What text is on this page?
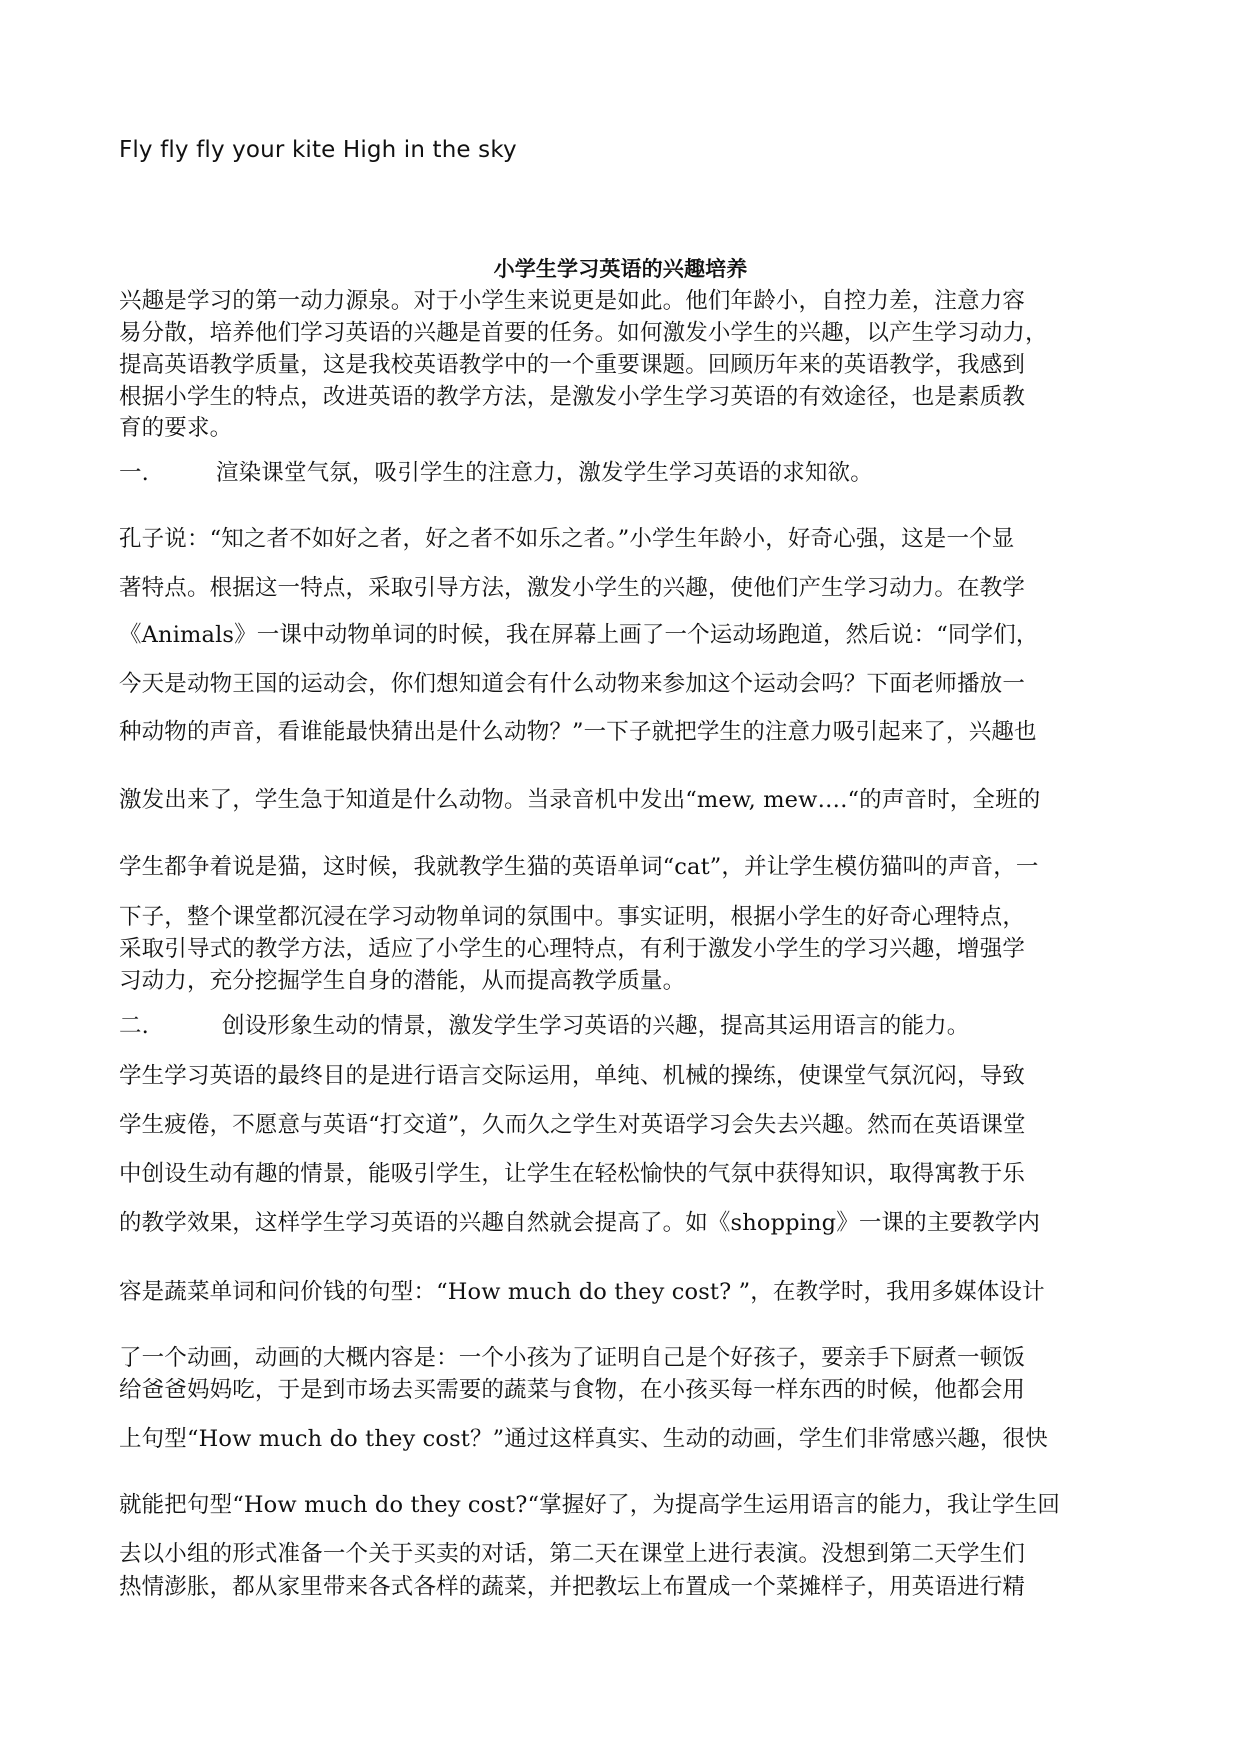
Fly fly fly your kite High in the sky
小学生学习英语的兴趣培养
兴趣是学习的第一动力源泉。对于小学生来说更是如此。他们年龄小，自控力差，注意力容
易分散，培养他们学习英语的兴趣是首要的任务。如何激发小学生的兴趣，以产生学习动力，
提高英语教学质量，这是我校英语教学中的一个重要课题。回顾历年来的英语教学，我感到
根据小学生的特点，改进英语的教学方法，是激发小学生学习英语的有效途径，也是素质教
育的要求。
一.	渲染课堂气氛，吸引学生的注意力，激发学生学习英语的求知欲。
孔子说：“知之者不如好之者，好之者不如乐之者。”小学生年龄小，好奇心强，这是一个显
著特点。根据这一特点，采取引导方法，激发小学生的兴趣，使他们产生学习动力。在教学
《Animals》一课中动物单词的时候，我在屏幕上画了一个运动场跑道，然后说：“同学们，
今天是动物王国的运动会，你们想知道会有什么动物来参加这个运动会吗？下面老师播放一
种动物的声音，看谁能最快猜出是什么动物？”一下子就把学生的注意力吸引起来了，兴趣也
激发出来了，学生急于知道是什么动物。当录音机中发出“mew, mew….“的声音时，全班的
学生都争着说是猫，这时候，我就教学生猫的英语单词“cat”，并让学生模仿猫叫的声音，一
下子，整个课堂都沉浸在学习动物单词的氛围中。事实证明，根据小学生的好奇心理特点，
采取引导式的教学方法，适应了小学生的心理特点，有利于激发小学生的学习兴趣，增强学
习动力，充分挖掘学生自身的潜能，从而提高教学质量。
二.	创设形象生动的情景，激发学生学习英语的兴趣，提高其运用语言的能力。
学生学习英语的最终目的是进行语言交际运用，单纯、机械的操练，使课堂气氛沉闷，导致
学生疲倦，不愿意与英语“打交道”，久而久之学生对英语学习会失去兴趣。然而在英语课堂
中创设生动有趣的情景，能吸引学生，让学生在轻松愉快的气氛中获得知识，取得寓教于乐
的教学效果，这样学生学习英语的兴趣自然就会提高了。如《shopping》一课的主要教学内
容是蔬菜单词和问价钱的句型：“How much do they cost? ”，在教学时，我用多媒体设计
了一个动画，动画的大概内容是：一个小孩为了证明自己是个好孩子，要亲手下厨煮一顿饭
给爸爸妈妈吃，于是到市场去买需要的蔬菜与食物，在小孩买每一样东西的时候，他都会用
上句型“How much do they cost？”通过这样真实、生动的动画，学生们非常感兴趣，很快
就能把句型“How much do they cost?“掌握好了，为提高学生运用语言的能力，我让学生回
去以小组的形式准备一个关于买卖的对话，第二天在课堂上进行表演。没想到第二天学生们
热情澎胀，都从家里带来各式各样的蔬菜，并把教坛上布置成一个菜摊样子，用英语进行精
